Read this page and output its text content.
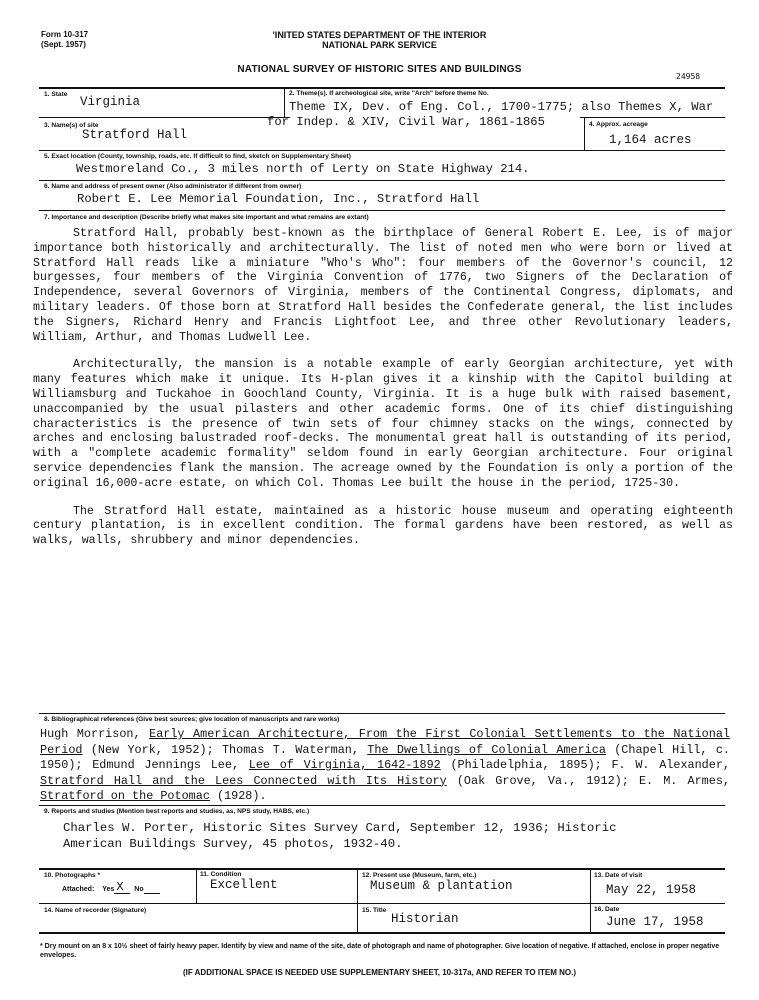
Form 10-317
(Sept. 1957)
'INITED STATES DEPARTMENT OF THE INTERIOR
NATIONAL PARK SERVICE
NATIONAL SURVEY OF HISTORIC SITES AND BUILDINGS
24958
1. State
Virginia
2. Theme(s). If archeological site, write "Arch" before theme No.
Theme IX, Dev. of Eng. Col., 1700-1775; also Themes X, War
for Indep. & XIV, Civil War, 1861-1865
3. Name(s) of site
Stratford Hall
4. Approx. acreage
1,164 acres
5. Exact location (County, township, roads, etc. If difficult to find, sketch on Supplementary Sheet)
Westmoreland Co., 3 miles north of Lerty on State Highway 214.
6. Name and address of present owner (Also administrator if different from owner)
Robert E. Lee Memorial Foundation, Inc., Stratford Hall
7. Importance and description (Describe briefly what makes site important and what remains are extant)

Stratford Hall, probably best-known as the birthplace of General Robert E. Lee, is of major importance both historically and architecturally. The list of noted men who were born or lived at Stratford Hall reads like a miniature "Who's Who": four members of the Governor's council, 12 burgesses, four members of the Virginia Convention of 1776, two Signers of the Declaration of Independence, several Governors of Virginia, members of the Continental Congress, diplomats, and military leaders. Of those born at Stratford Hall besides the Confederate general, the list includes the Signers, Richard Henry and Francis Lightfoot Lee, and three other Revolutionary leaders, William, Arthur, and Thomas Ludwell Lee.

Architecturally, the mansion is a notable example of early Georgian architecture, yet with many features which make it unique. Its H-plan gives it a kinship with the Capitol building at Williamsburg and Tuckahoe in Goochland County, Virginia. It is a huge bulk with raised basement, unaccompanied by the usual pilasters and other academic forms. One of its chief distinguishing characteristics is the presence of twin sets of four chimney stacks on the wings, connected by arches and enclosing balustraded roof-decks. The monumental great hall is outstanding of its period, with a "complete academic formality" seldom found in early Georgian architecture. Four original service dependencies flank the mansion. The acreage owned by the Foundation is only a portion of the original 16,000-acre estate, on which Col. Thomas Lee built the house in the period, 1725-30.

The Stratford Hall estate, maintained as a historic house museum and operating eighteenth century plantation, is in excellent condition. The formal gardens have been restored, as well as walks, walls, shrubbery and minor dependencies.

8. Bibliographical references (Give best sources; give location of manuscripts and rare works)
Hugh Morrison, Early American Architecture, From the First Colonial Settlements to the National Period (New York, 1952); Thomas T. Waterman, The Dwellings of Colonial America (Chapel Hill, c. 1950); Edmund Jennings Lee, Lee of Virginia, 1642-1892 (Philadelphia, 1895); F. W. Alexander, Stratford Hall and the Lees Connected with Its History (Oak Grove, Va., 1912); E. M. Armes, Stratford on the Potomac (1928).
9. Reports and studies (Mention best reports and studies, as, NPS study, HABS, etc.)
Charles W. Porter, Historic Sites Survey Card, September 12, 1936; Historic
American Buildings Survey, 45 photos, 1932-40.
10. Photographs *
Attached: Yes X No
11. Condition
Excellent
12. Present use (Museum, farm, etc.)
Museum & plantation
13. Date of visit
May 22, 1958
14. Name of recorder (Signature)	15. Title
Historian
16. Date
June 17, 1958
* Dry mount on an 8 x 10½ sheet of fairly heavy paper. Identify by view and name of the site, date of photograph and name of photographer. Give location of negative. If attached, enclose in proper negative envelopes.
(IF ADDITIONAL SPACE IS NEEDED USE SUPPLEMENTARY SHEET, 10-317a, AND REFER TO ITEM NO.)
